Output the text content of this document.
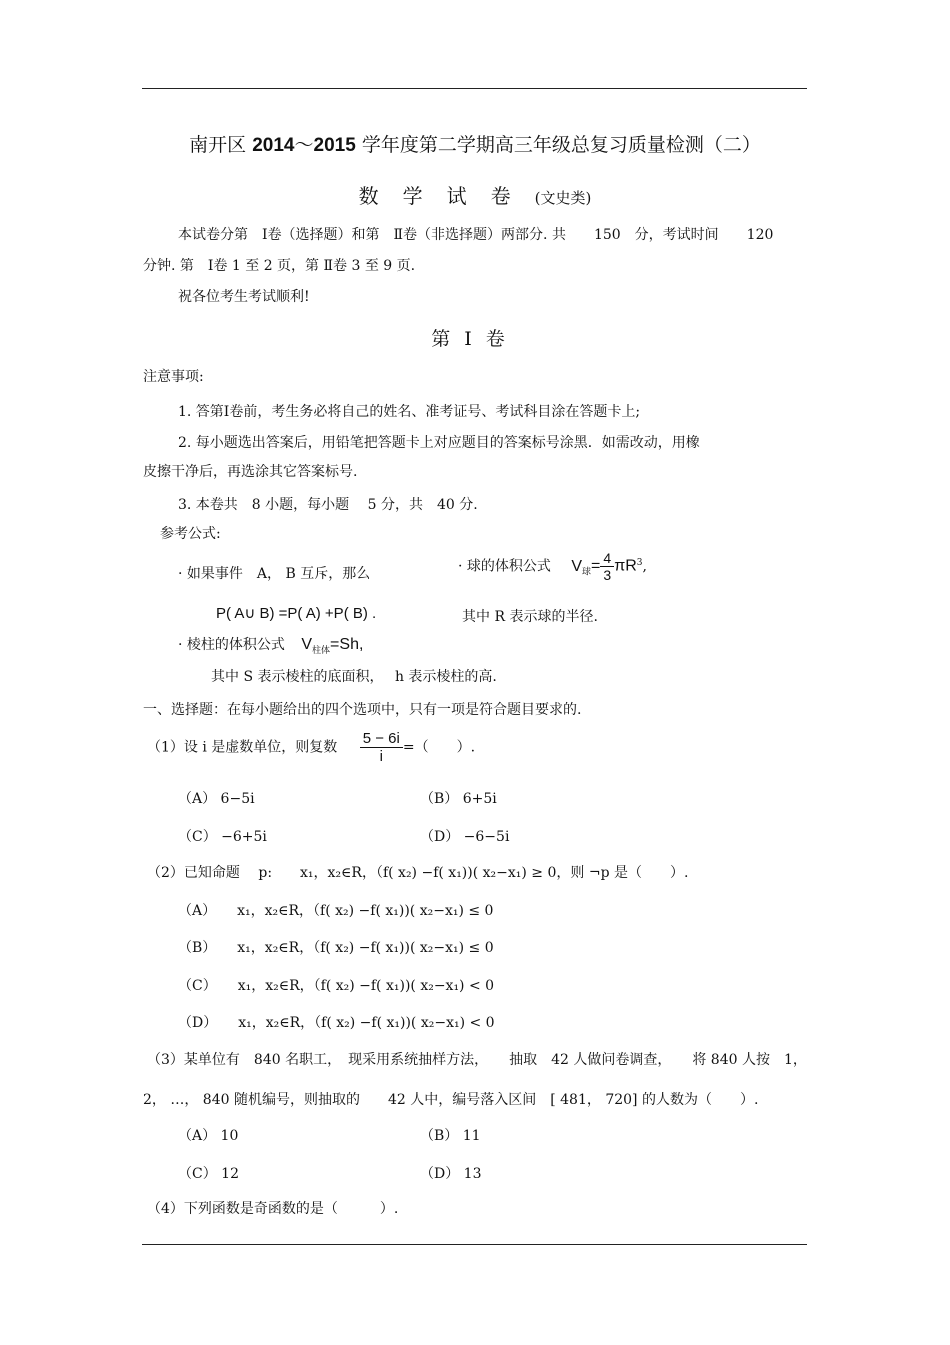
南开区 2014～2015 学年度第二学期高三年级总复习质量检测（二）
数学试卷(文史类)
本试卷分第　Ⅰ卷（选择题）和第　Ⅱ卷（非选择题）两部分. 共　　150　分，考试时间　　120
分钟. 第　Ⅰ卷 1 至 2 页，第 Ⅱ卷 3 至 9 页.
祝各位考生考试顺利!
第Ⅰ卷
注意事项:
1. 答第Ⅰ卷前，考生务必将自己的姓名、准考证号、考试科目涂在答题卡上;
2. 每小题选出答案后，用铅笔把答题卡上对应题目的答案标号涂黑．如需改动，用橡
皮擦干净后，再选涂其它答案标号.
3. 本卷共　8 小题，每小题　 5 分，共　40 分.
参考公式:
· 如果事件　A， B 互斥，那么	· 球的体积公式 $V_球= \frac{4}{3} \pi R^3$,
P( A∪ B) =P( A) +P( B) .	其中 R 表示球的半径.
· 棱柱的体积公式 $V_{柱体}=Sh$,
其中 S 表示棱柱的底面积，　 h 表示棱柱的高.
一、选择题：在每小题给出的四个选项中，只有一项是符合题目要求的.
（1）设 i 是虚数单位，则复数 $\frac{5 - 6i}{i}$ =（　　）.
（A） 6−5i	（B） 6+5i
（C） −6+5i	（D） −6−5i
（2）已知命题　 p:　　x₁，x₂∈R，（f( x₂) −f( x₁))( x₂−x₁) ≥ 0，则 ¬p 是（　　）.
（A）　　x₁，x₂∈R，（f( x₂) −f( x₁))( x₂−x₁) ≤ 0
（B）　　x₁，x₂∈R，（f( x₂) −f( x₁))( x₂−x₁) ≤ 0
（C）　　x₁，x₂∈R，（f( x₂) −f( x₁))( x₂−x₁) < 0
（D）　　x₁，x₂∈R，（f( x₂) −f( x₁))( x₂−x₁) < 0
（3）某单位有　840 名职工，　现采用系统抽样方法，　　抽取　42 人做问卷调查，　　将 840 人按　1，
2， …， 840 随机编号，则抽取的　　42 人中，编号落入区间　[ 481， 720] 的人数为（　　）.
（A） 10	（B） 11
（C） 12	（D） 13
（4）下列函数是奇函数的是（　　　）.
